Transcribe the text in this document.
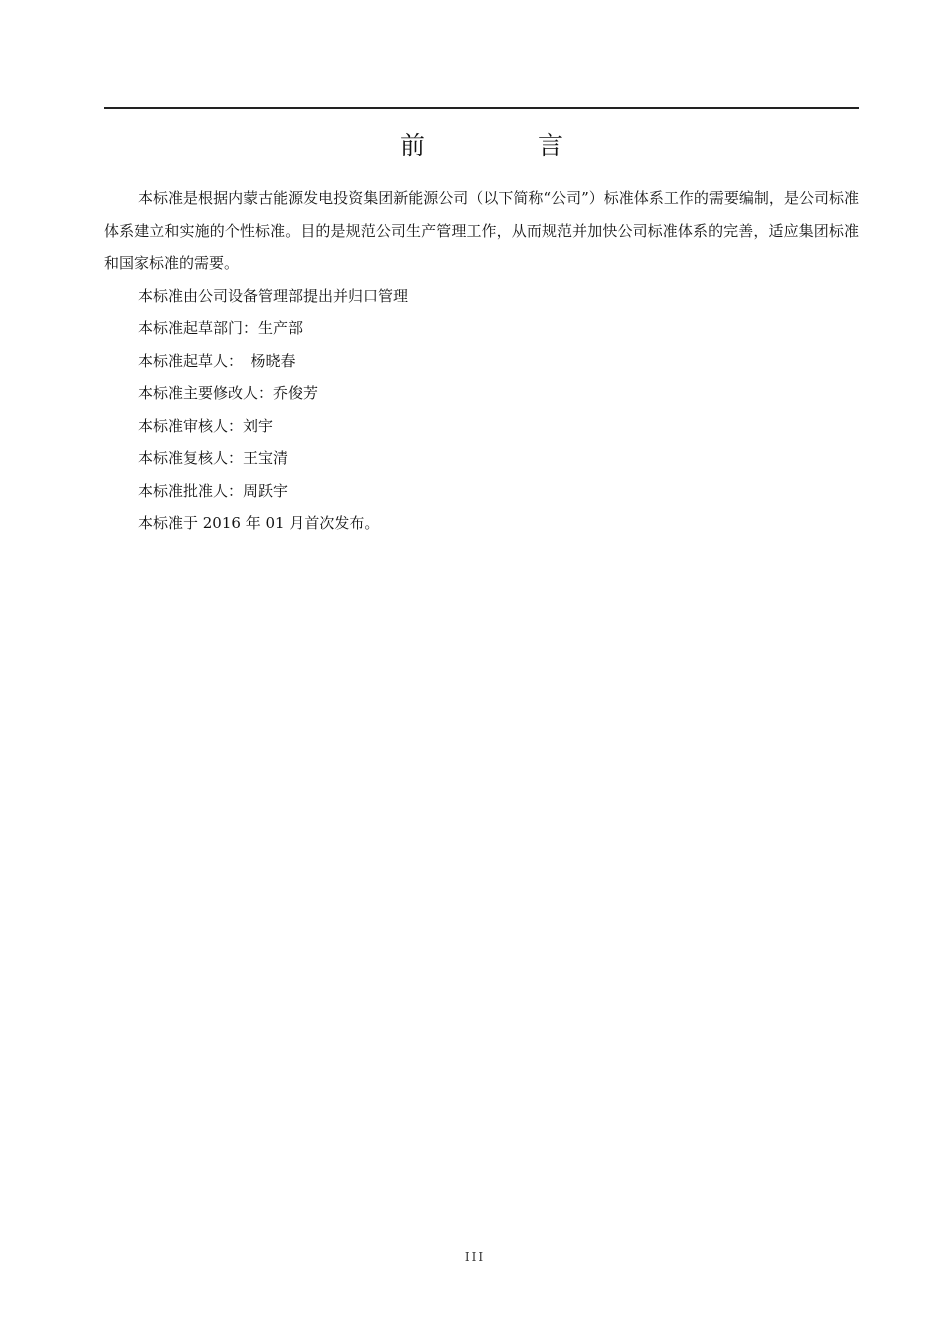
前　言

本标准是根据内蒙古能源发电投资集团新能源公司（以下简称“公司”）标准体系工作的需要编制，是公司标准体系建立和实施的个性标准。目的是规范公司生产管理工作，从而规范并加快公司标准体系的完善，适应集团标准和国家标准的需要。

本标准由公司设备管理部提出并归口管理

本标准起草部门：生产部

本标准起草人：　杨晓春

本标准主要修改人：乔俊芳

本标准审核人：刘宇

本标准复核人：王宝清

本标准批准人：周跃宇

本标准于 2016 年 01 月首次发布。

III
